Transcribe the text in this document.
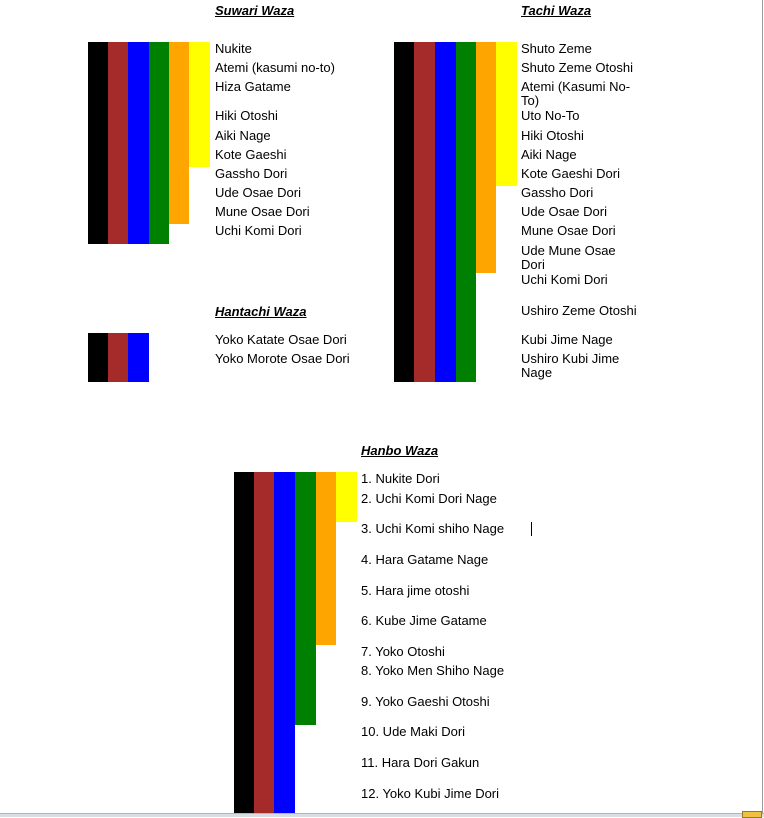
Suwari Waza
Nukite
Atemi (kasumi no-to)
Hiza Gatame
Hiki Otoshi
Aiki Nage
Kote Gaeshi
Gassho Dori
Ude Osae Dori
Mune Osae Dori
Uchi Komi Dori
Hantachi Waza
Yoko Katate Osae Dori
Yoko Morote Osae Dori
Tachi Waza
Shuto Zeme
Shuto Zeme Otoshi
Atemi (Kasumi No-To)
Uto No-To
Hiki Otoshi
Aiki Nage
Kote Gaeshi Dori
Gassho Dori
Ude Osae Dori
Mune Osae Dori
Ude Mune Osae Dori
Uchi Komi Dori
Ushiro Zeme Otoshi
Kubi Jime Nage
Ushiro Kubi Jime Nage
Hanbo Waza
1. Nukite Dori
2. Uchi Komi Dori Nage
3. Uchi Komi shiho Nage
4. Hara Gatame Nage
5. Hara jime otoshi
6. Kube Jime Gatame
7. Yoko Otoshi
8. Yoko Men Shiho Nage
9. Yoko Gaeshi Otoshi
10. Ude Maki Dori
11. Hara Dori Gakun
12. Yoko Kubi Jime Dori
